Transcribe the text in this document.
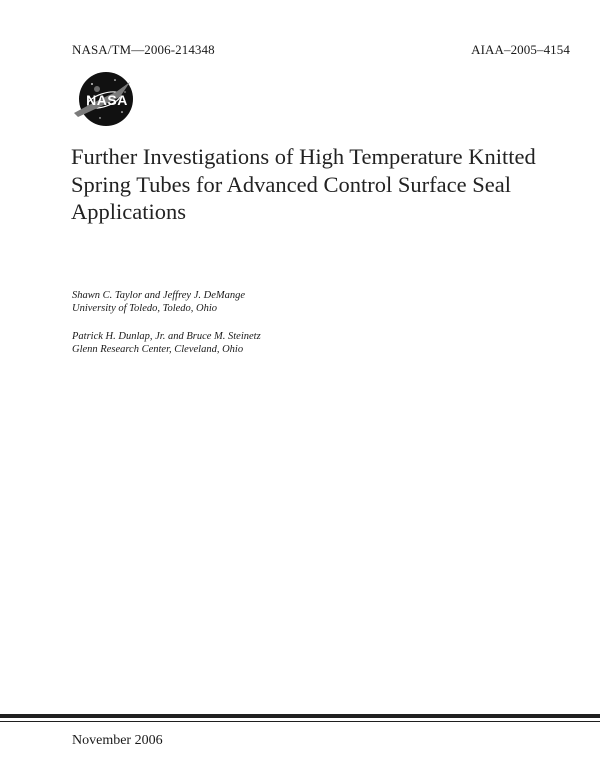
NASA/TM—2006-214348	AIAA–2005–4154
NASA
Further Investigations of High Temperature Knitted
Spring Tubes for Advanced Control Surface Seal
Applications
Shawn C. Taylor and Jeffrey J. DeMange
University of Toledo, Toledo, Ohio
Patrick H. Dunlap, Jr. and Bruce M. Steinetz
Glenn Research Center, Cleveland, Ohio
November 2006
